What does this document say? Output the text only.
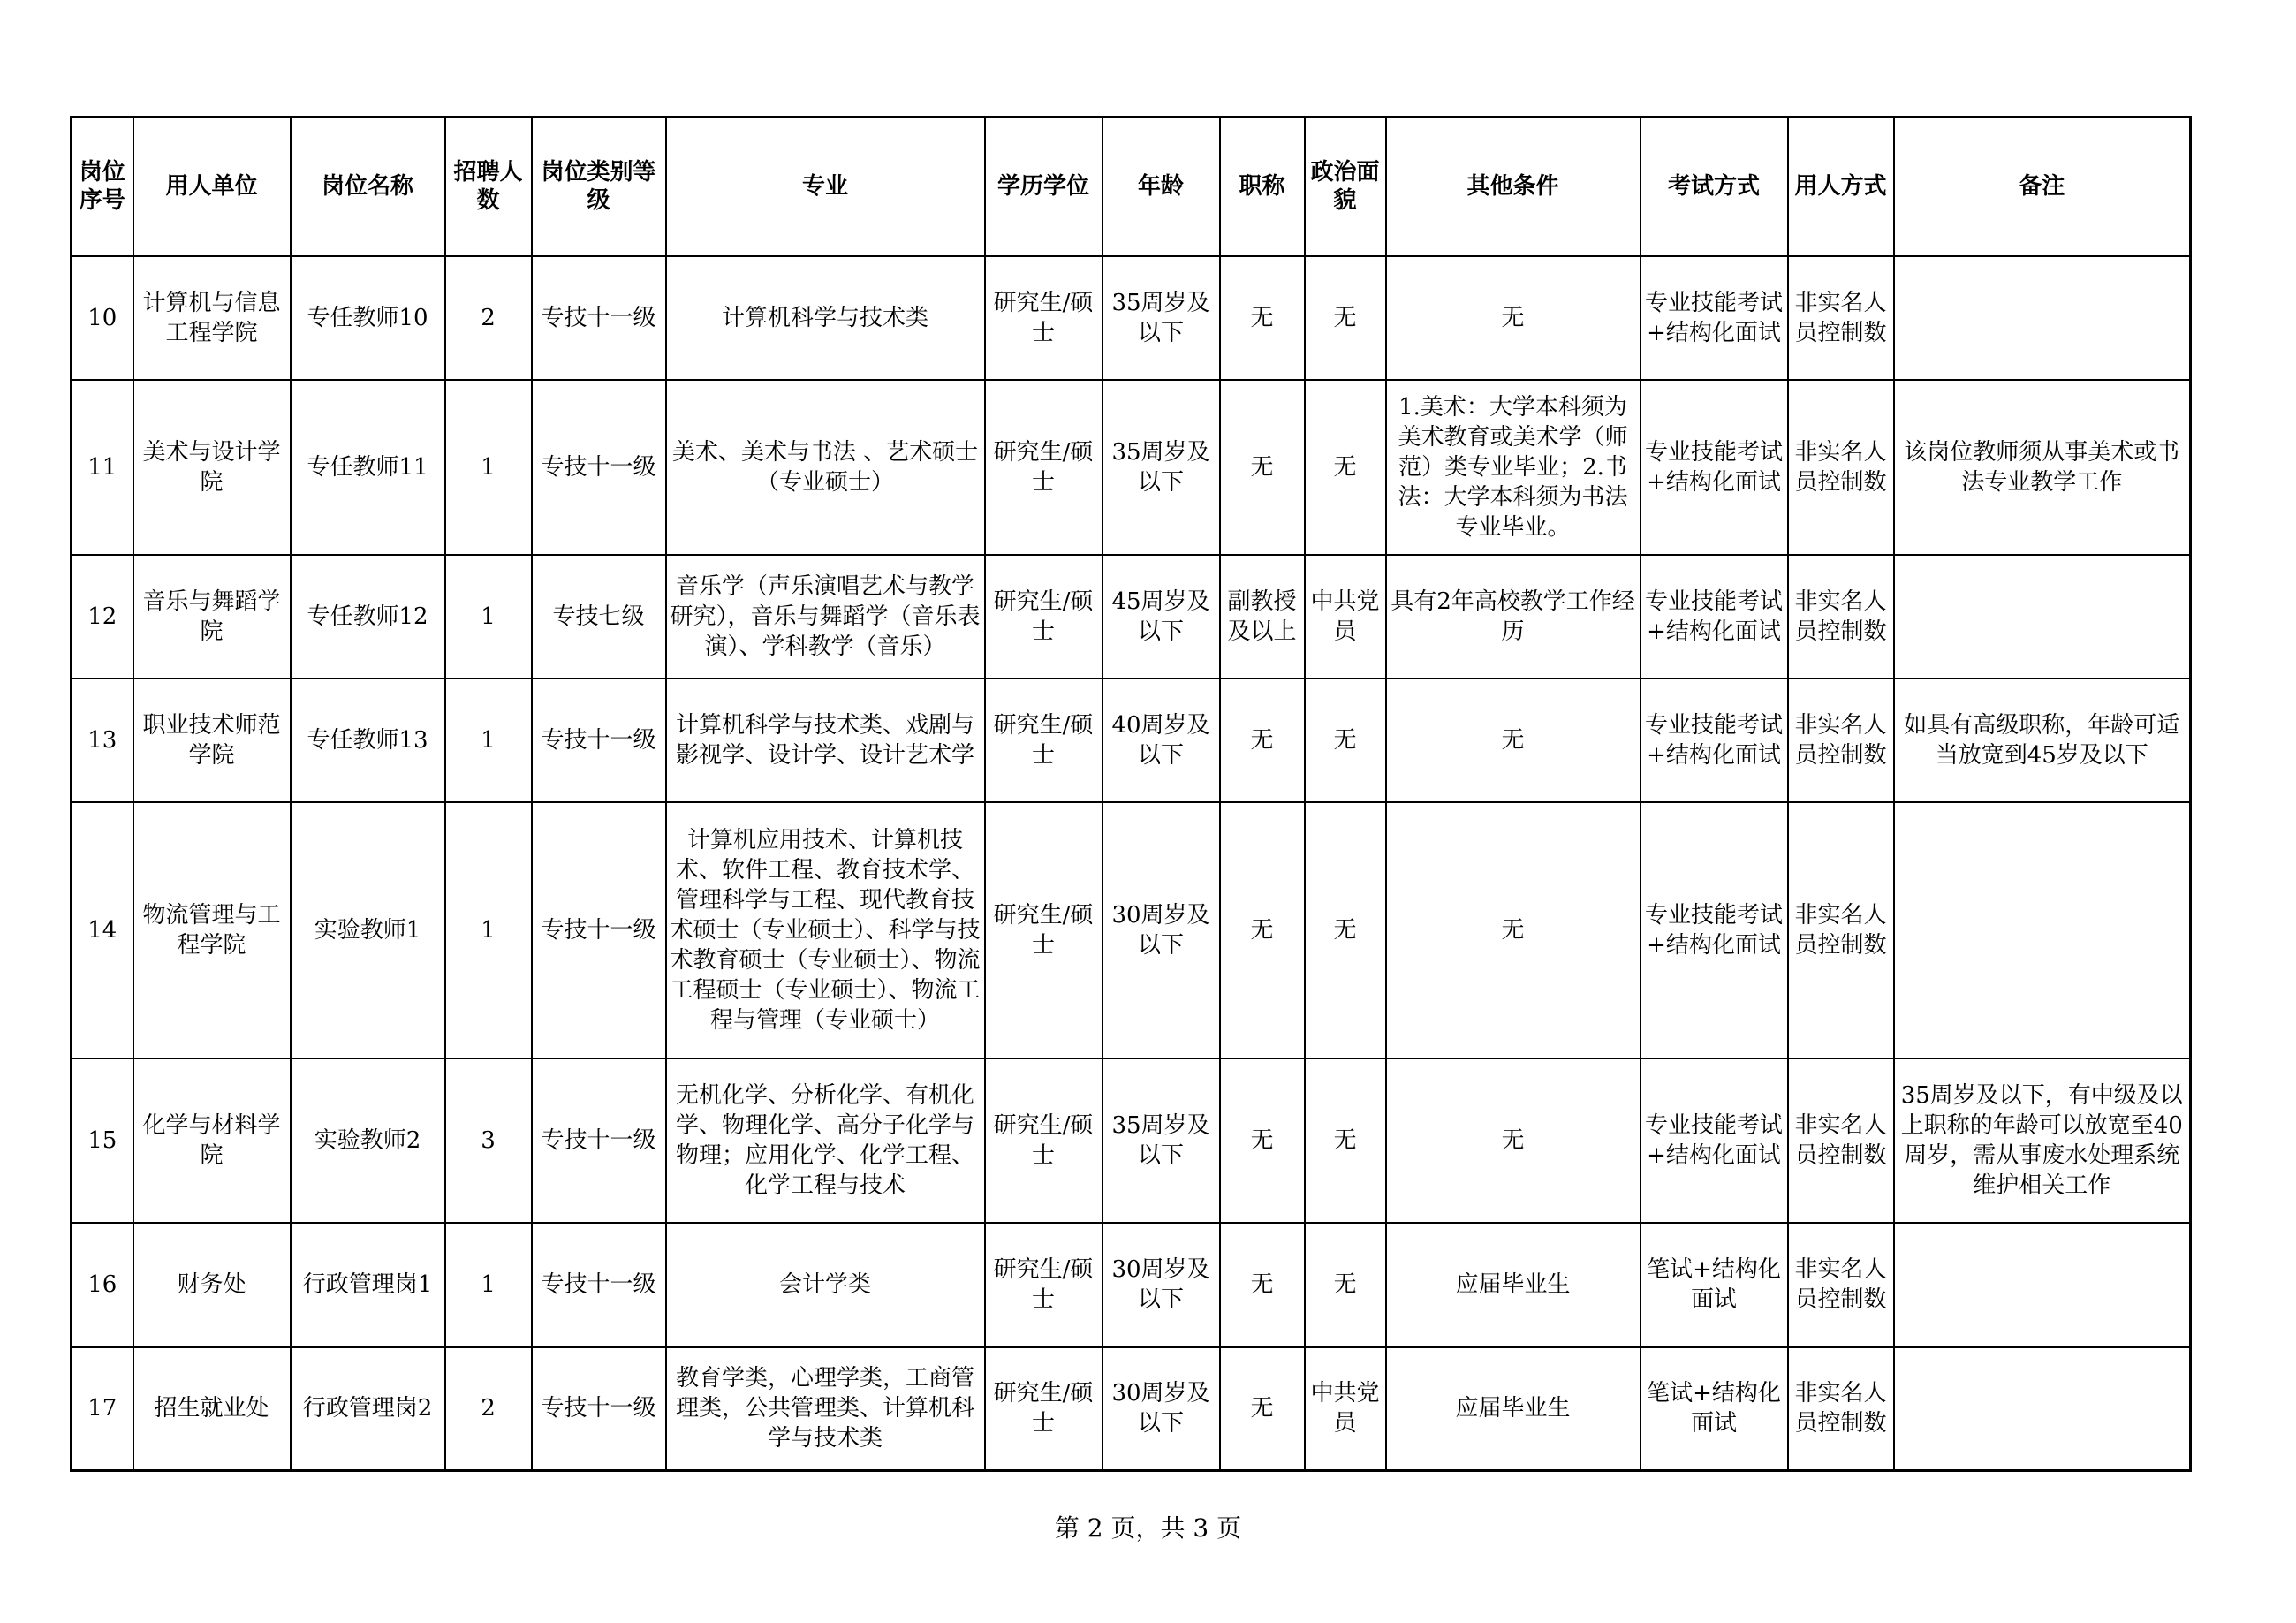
岗位序号	用人单位	岗位名称	招聘人数	岗位类别等级	专业	学历学位	年龄	职称	政治面貌	其他条件	考试方式	用人方式	备注
10	计算机与信息工程学院	专任教师10	2	专技十一级	计算机科学与技术类	研究生/硕士	35周岁及以下	无	无	无	专业技能考试+结构化面试	非实名人员控制数	
11	美术与设计学院	专任教师11	1	专技十一级	美术、美术与书法 、艺术硕士（专业硕士）	研究生/硕士	35周岁及以下	无	无	1.美术：大学本科须为美术教育或美术学（师范）类专业毕业；2.书法：大学本科须为书法专业毕业。	专业技能考试+结构化面试	非实名人员控制数	该岗位教师须从事美术或书法专业教学工作
12	音乐与舞蹈学院	专任教师12	1	专技七级	音乐学（声乐演唱艺术与教学研究），音乐与舞蹈学（音乐表演）、学科教学（音乐）	研究生/硕士	45周岁及以下	副教授及以上	中共党员	具有2年高校教学工作经历	专业技能考试+结构化面试	非实名人员控制数	
13	职业技术师范学院	专任教师13	1	专技十一级	计算机科学与技术类、戏剧与影视学、设计学、设计艺术学	研究生/硕士	40周岁及以下	无	无	无	专业技能考试+结构化面试	非实名人员控制数	如具有高级职称，年龄可适当放宽到45岁及以下
14	物流管理与工程学院	实验教师1	1	专技十一级	计算机应用技术、计算机技术、软件工程、教育技术学、管理科学与工程、现代教育技术硕士（专业硕士）、科学与技术教育硕士（专业硕士）、物流工程硕士（专业硕士）、物流工程与管理（专业硕士）	研究生/硕士	30周岁及以下	无	无	无	专业技能考试+结构化面试	非实名人员控制数	
15	化学与材料学院	实验教师2	3	专技十一级	无机化学、分析化学、有机化学、物理化学、高分子化学与物理；应用化学、化学工程、化学工程与技术	研究生/硕士	35周岁及以下	无	无	无	专业技能考试+结构化面试	非实名人员控制数	35周岁及以下，有中级及以上职称的年龄可以放宽至40周岁，需从事废水处理系统维护相关工作
16	财务处	行政管理岗1	1	专技十一级	会计学类	研究生/硕士	30周岁及以下	无	无	应届毕业生	笔试+结构化面试	非实名人员控制数	
17	招生就业处	行政管理岗2	2	专技十一级	教育学类，心理学类，工商管理类，公共管理类、计算机科学与技术类	研究生/硕士	30周岁及以下	无	中共党员	应届毕业生	笔试+结构化面试	非实名人员控制数	
第 2 页，共 3 页
